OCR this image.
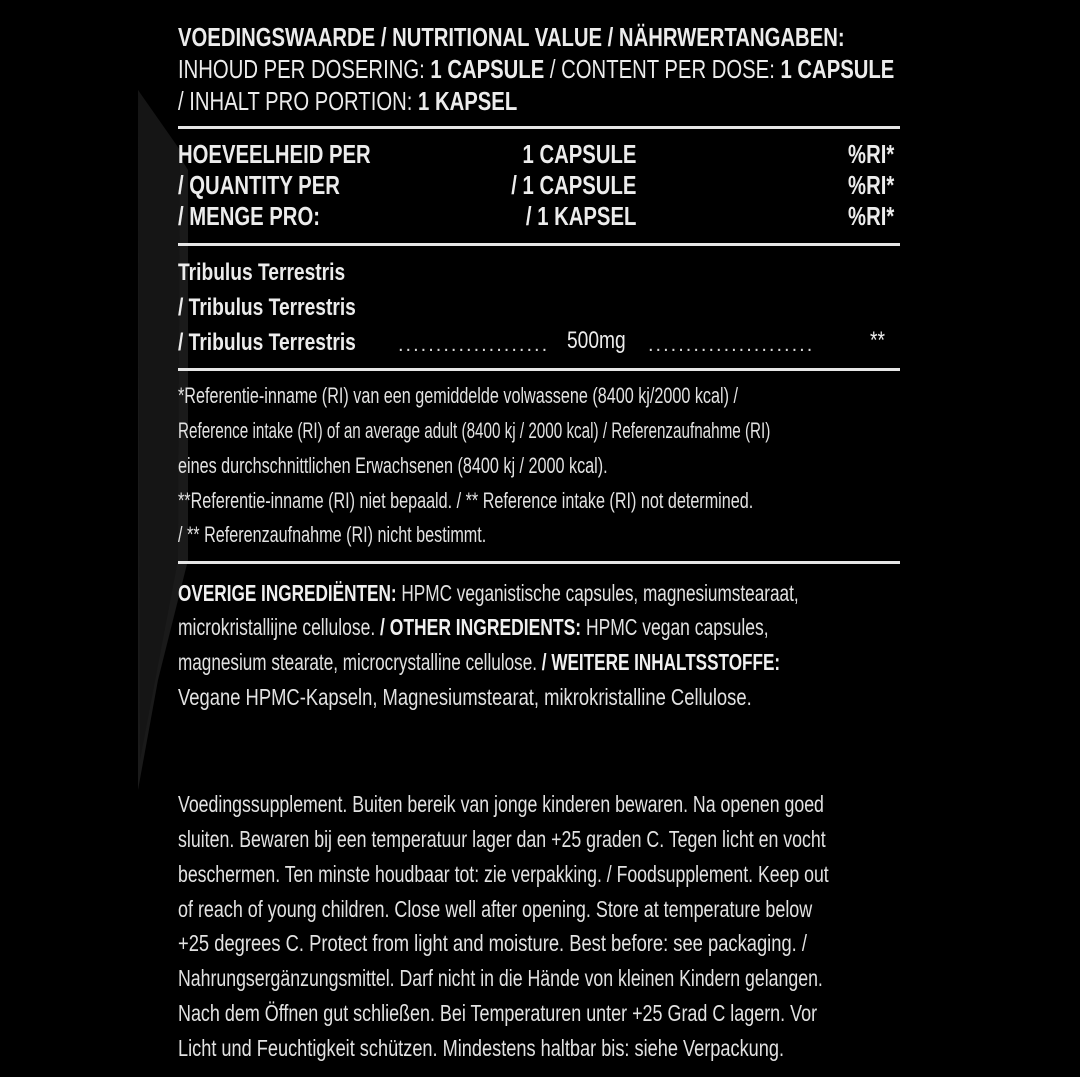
VOEDINGSWAARDE / NUTRITIONAL VALUE / NÄHRWERTANGABEN:
INHOUD PER DOSERING: 1 CAPSULE / CONTENT PER DOSE: 1 CAPSULE
/ INHALT PRO PORTION: 1 KAPSEL
HOEVEELHEID PER
/ QUANTITY PER
/ MENGE PRO:
1 CAPSULE
/ 1 CAPSULE
/ 1 KAPSEL
%RI*
%RI*
%RI*
Tribulus Terrestris
/ Tribulus Terrestris
/ Tribulus Terrestris .................... 500mg ...................... **
*Referentie-inname (RI) van een gemiddelde volwassene (8400 kj/2000 kcal) /
Reference intake (RI) of an average adult (8400 kj / 2000 kcal) / Referenzaufnahme (RI)
eines durchschnittlichen Erwachsenen (8400 kj / 2000 kcal).
**Referentie-inname (RI) niet bepaald. / ** Reference intake (RI) not determined.
/ ** Referenzaufnahme (RI) nicht bestimmt.
OVERIGE INGREDIËNTEN: HPMC veganistische capsules, magnesiumstearaat,
microkristallijne cellulose. / OTHER INGREDIENTS: HPMC vegan capsules,
magnesium stearate, microcrystalline cellulose. / WEITERE INHALTSSTOFFE:
Vegane HPMC-Kapseln, Magnesiumstearat, mikrokristalline Cellulose.
Voedingssupplement. Buiten bereik van jonge kinderen bewaren. Na openen goed
sluiten. Bewaren bij een temperatuur lager dan +25 graden C. Tegen licht en vocht
beschermen. Ten minste houdbaar tot: zie verpakking. / Foodsupplement. Keep out
of reach of young children. Close well after opening. Store at temperature below
+25 degrees C. Protect from light and moisture. Best before: see packaging. /
Nahrungsergänzungsmittel. Darf nicht in die Hände von kleinen Kindern gelangen.
Nach dem Öffnen gut schließen. Bei Temperaturen unter +25 Grad C lagern. Vor
Licht und Feuchtigkeit schützen. Mindestens haltbar bis: siehe Verpackung.
